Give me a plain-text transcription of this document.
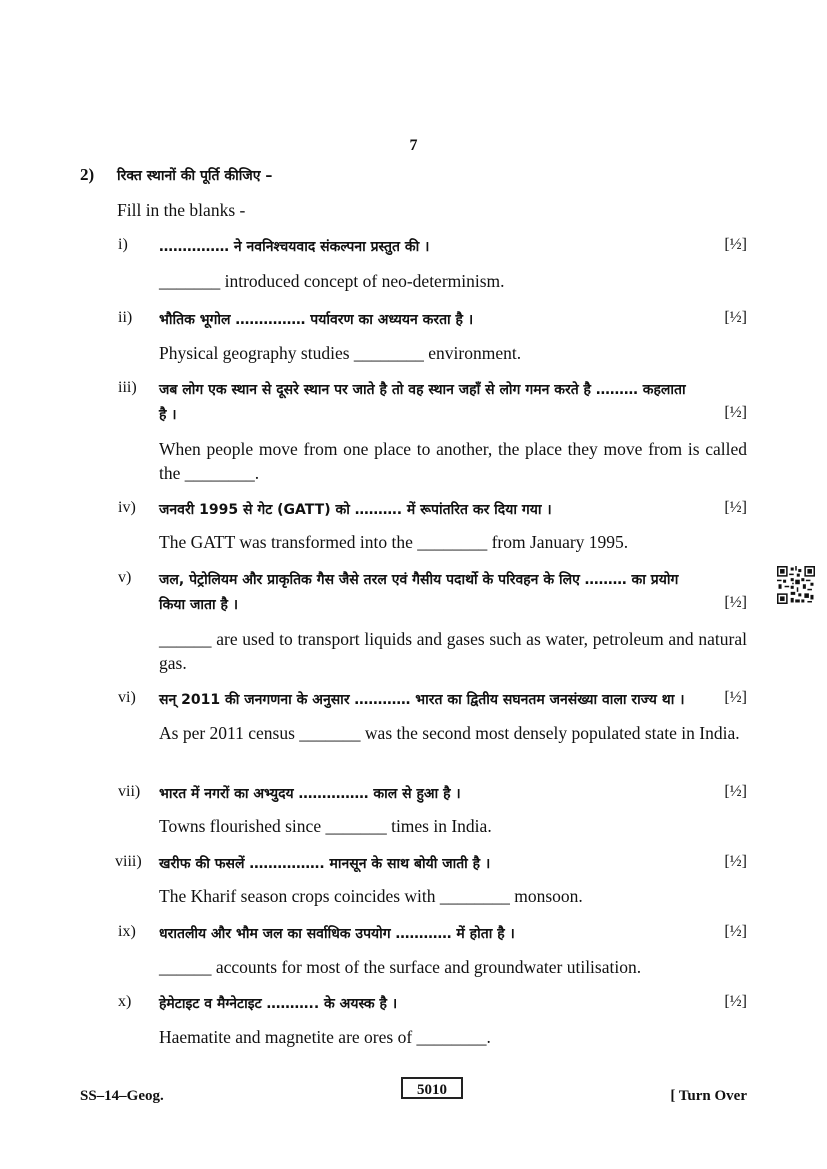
7
2) रिक्त स्थानों की पूर्ति कीजिए –
Fill in the blanks -
i)	…………… ने नवनिश्चयवाद संकल्पना प्रस्तुत की ।	[½]
_______ introduced concept of neo-determinism.
ii)	भौतिक भूगोल …………… पर्यावरण का अध्ययन करता है ।	[½]
Physical geography studies ________ environment.
iii)	जब लोग एक स्थान से दूसरे स्थान पर जाते है तो वह स्थान जहाँ से लोग गमन करते है ……… कहलाता
है ।	[½]
When people move from one place to another, the place they move from is called the ________.
iv)	जनवरी 1995 से गेट (GATT) को ………. में रूपांतरित कर दिया गया ।	[½]
The GATT was transformed into the ________ from January 1995.
v)	जल, पेट्रोलियम और प्राकृतिक गैस जैसे तरल एवं गैसीय पदार्थो के परिवहन के लिए ……… का प्रयोग
किया जाता है ।	[½]
______ are used to transport liquids and gases such as water, petroleum and natural gas.
vi)	सन् 2011 की जनगणना के अनुसार ………… भारत का द्वितीय सघनतम जनसंख्या वाला राज्य था ।	[½]
As per 2011 census _______ was the second most densely populated state in India.
vii)	भारत में नगरों का अभ्युदय …………… काल से हुआ है ।	[½]
Towns flourished since _______ times in India.
viii)	खरीफ की फसलें ……………. मानसून के साथ बोयी जाती है ।	[½]
The Kharif season crops coincides with ________ monsoon.
ix)	धरातलीय और भौम जल का सर्वाधिक उपयोग ………… में होता है ।	[½]
______ accounts for most of the surface and groundwater utilisation.
x)	हेमेटाइट व मैग्नेटाइट ……….. के अयस्क है ।	[½]
Haematite and magnetite are ores of ________.
SS–14–Geog.	5010	[ Turn Over
